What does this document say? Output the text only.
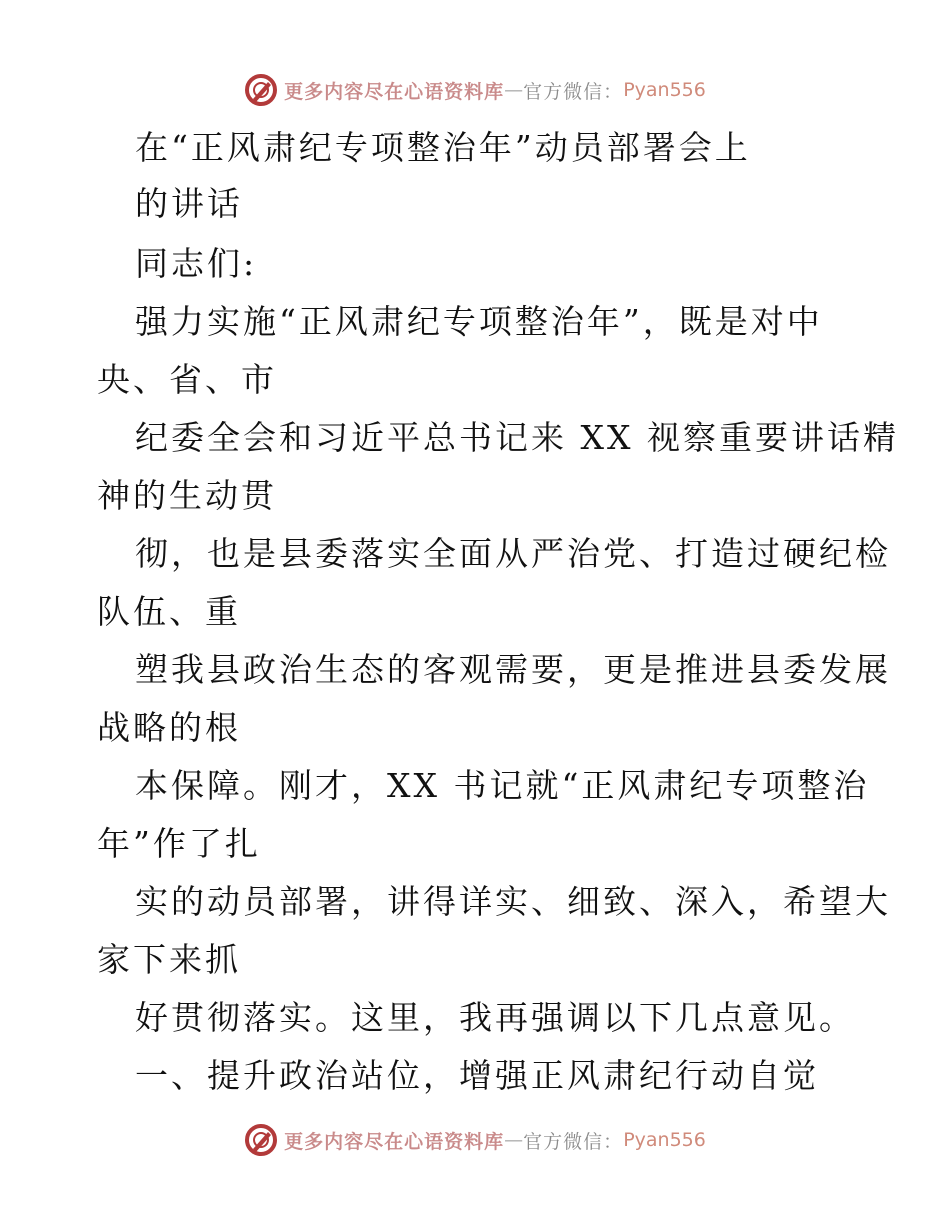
更多内容尽在心语资料库 — 官方微信： Pyan556
在“正风肃纪专项整治年”动员部署会上
的讲话
同志们:
强力实施“正风肃纪专项整治年”，既是对中
央、省、市
纪委全会和习近平总书记来 XX 视察重要讲话精
神的生动贯
彻，也是县委落实全面从严治党、打造过硬纪检
队伍、重
塑我县政治生态的客观需要，更是推进县委发展
战略的根
本保障。刚才，XX 书记就“正风肃纪专项整治
年”作了扎
实的动员部署，讲得详实、细致、深入，希望大
家下来抓
好贯彻落实。这里，我再强调以下几点意见。
一、提升政治站位，增强正风肃纪行动自觉
更多内容尽在心语资料库 — 官方微信： Pyan556
